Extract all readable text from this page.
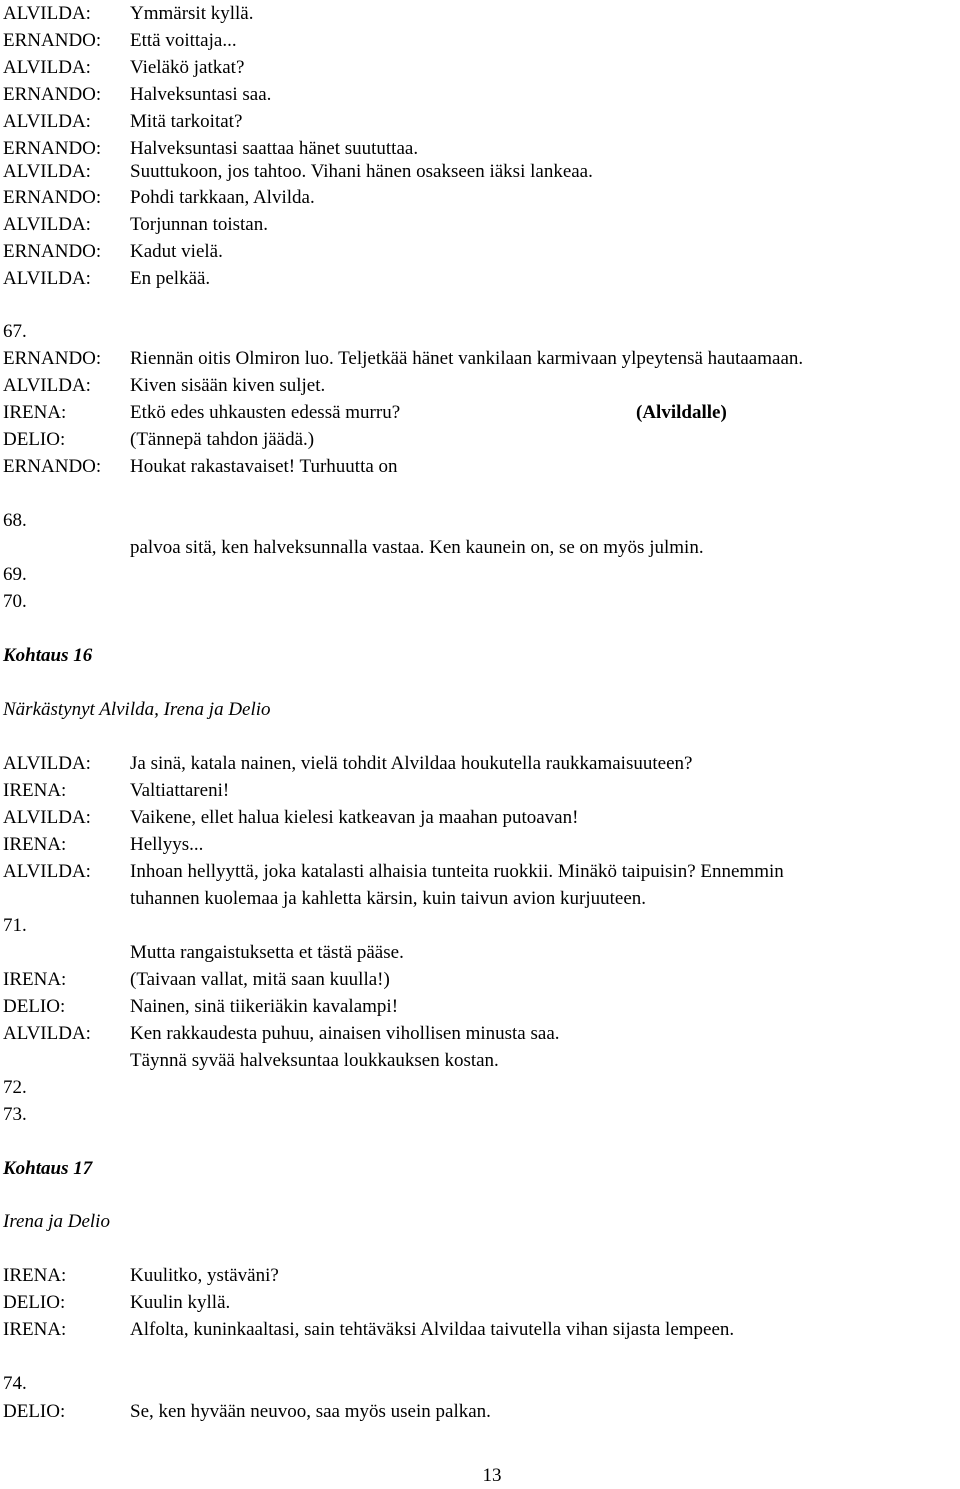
ALVILDA: Ymmärsit kyllä.
ERNANDO: Että voittaja...
ALVILDA: Vieläkö jatkat?
ERNANDO: Halveksuntasi saa.
ALVILDA: Mitä tarkoitat?
ERNANDO: Halveksuntasi saattaa hänet suututtaa.
ALVILDA: Suuttukoon, jos tahtoo. Vihani hänen osakseen iäksi lankeaa.
ERNANDO: Pohdi tarkkaan, Alvilda.
ALVILDA: Torjunnan toistan.
ERNANDO: Kadut vielä.
ALVILDA: En pelkää.
67.
ERNANDO: Riennän oitis Olmiron luo. Teljetkää hänet vankilaan karmivaan ylpeytensä hautaamaan.
ALVILDA: Kiven sisään kiven suljet.
IRENA:	Etkö edes uhkausten edessä murru?	(Alvildalle)
DELIO:	(Tännepä tahdon jäädä.)
ERNANDO: Houkat rakastavaiset! Turhuutta on
68.
palvoa sitä, ken halveksunnalla vastaa. Ken kaunein on, se on myös julmin.
69.
70.
Kohtaus 16
Närkästynyt Alvilda, Irena ja Delio
ALVILDA: Ja sinä, katala nainen, vielä tohdit Alvildaa houkutella raukkamaisuuteen?
IRENA:	Valtiattareni!
ALVILDA: Vaikene, ellet halua kielesi katkeavan ja maahan putoavan!
IRENA:	Hellyys...
ALVILDA: Inhoan hellyyttä, joka katalasti alhaisia tunteita ruokkii. Minäkö taipuisin? Ennemmin
tuhannen kuolemaa ja kahletta kärsin, kuin taivun avion kurjuuteen.
71.
Mutta rangaistuksetta et tästä pääse.
IRENA:	(Taivaan vallat, mitä saan kuulla!)
DELIO:	Nainen, sinä tiikeriäkin kavalampi!
ALVILDA: Ken rakkaudesta puhuu, ainaisen vihollisen minusta saa.
Täynnä syvää halveksuntaa loukkauksen kostan.
72.
73.
Kohtaus 17
Irena ja Delio
IRENA:	Kuulitko, ystäväni?
DELIO:	Kuulin kyllä.
IRENA:	Alfolta, kuninkaaltasi, sain tehtäväksi Alvildaa taivutella vihan sijasta lempeen.
74.
DELIO:	Se, ken hyvään neuvoo, saa myös usein palkan.
13
